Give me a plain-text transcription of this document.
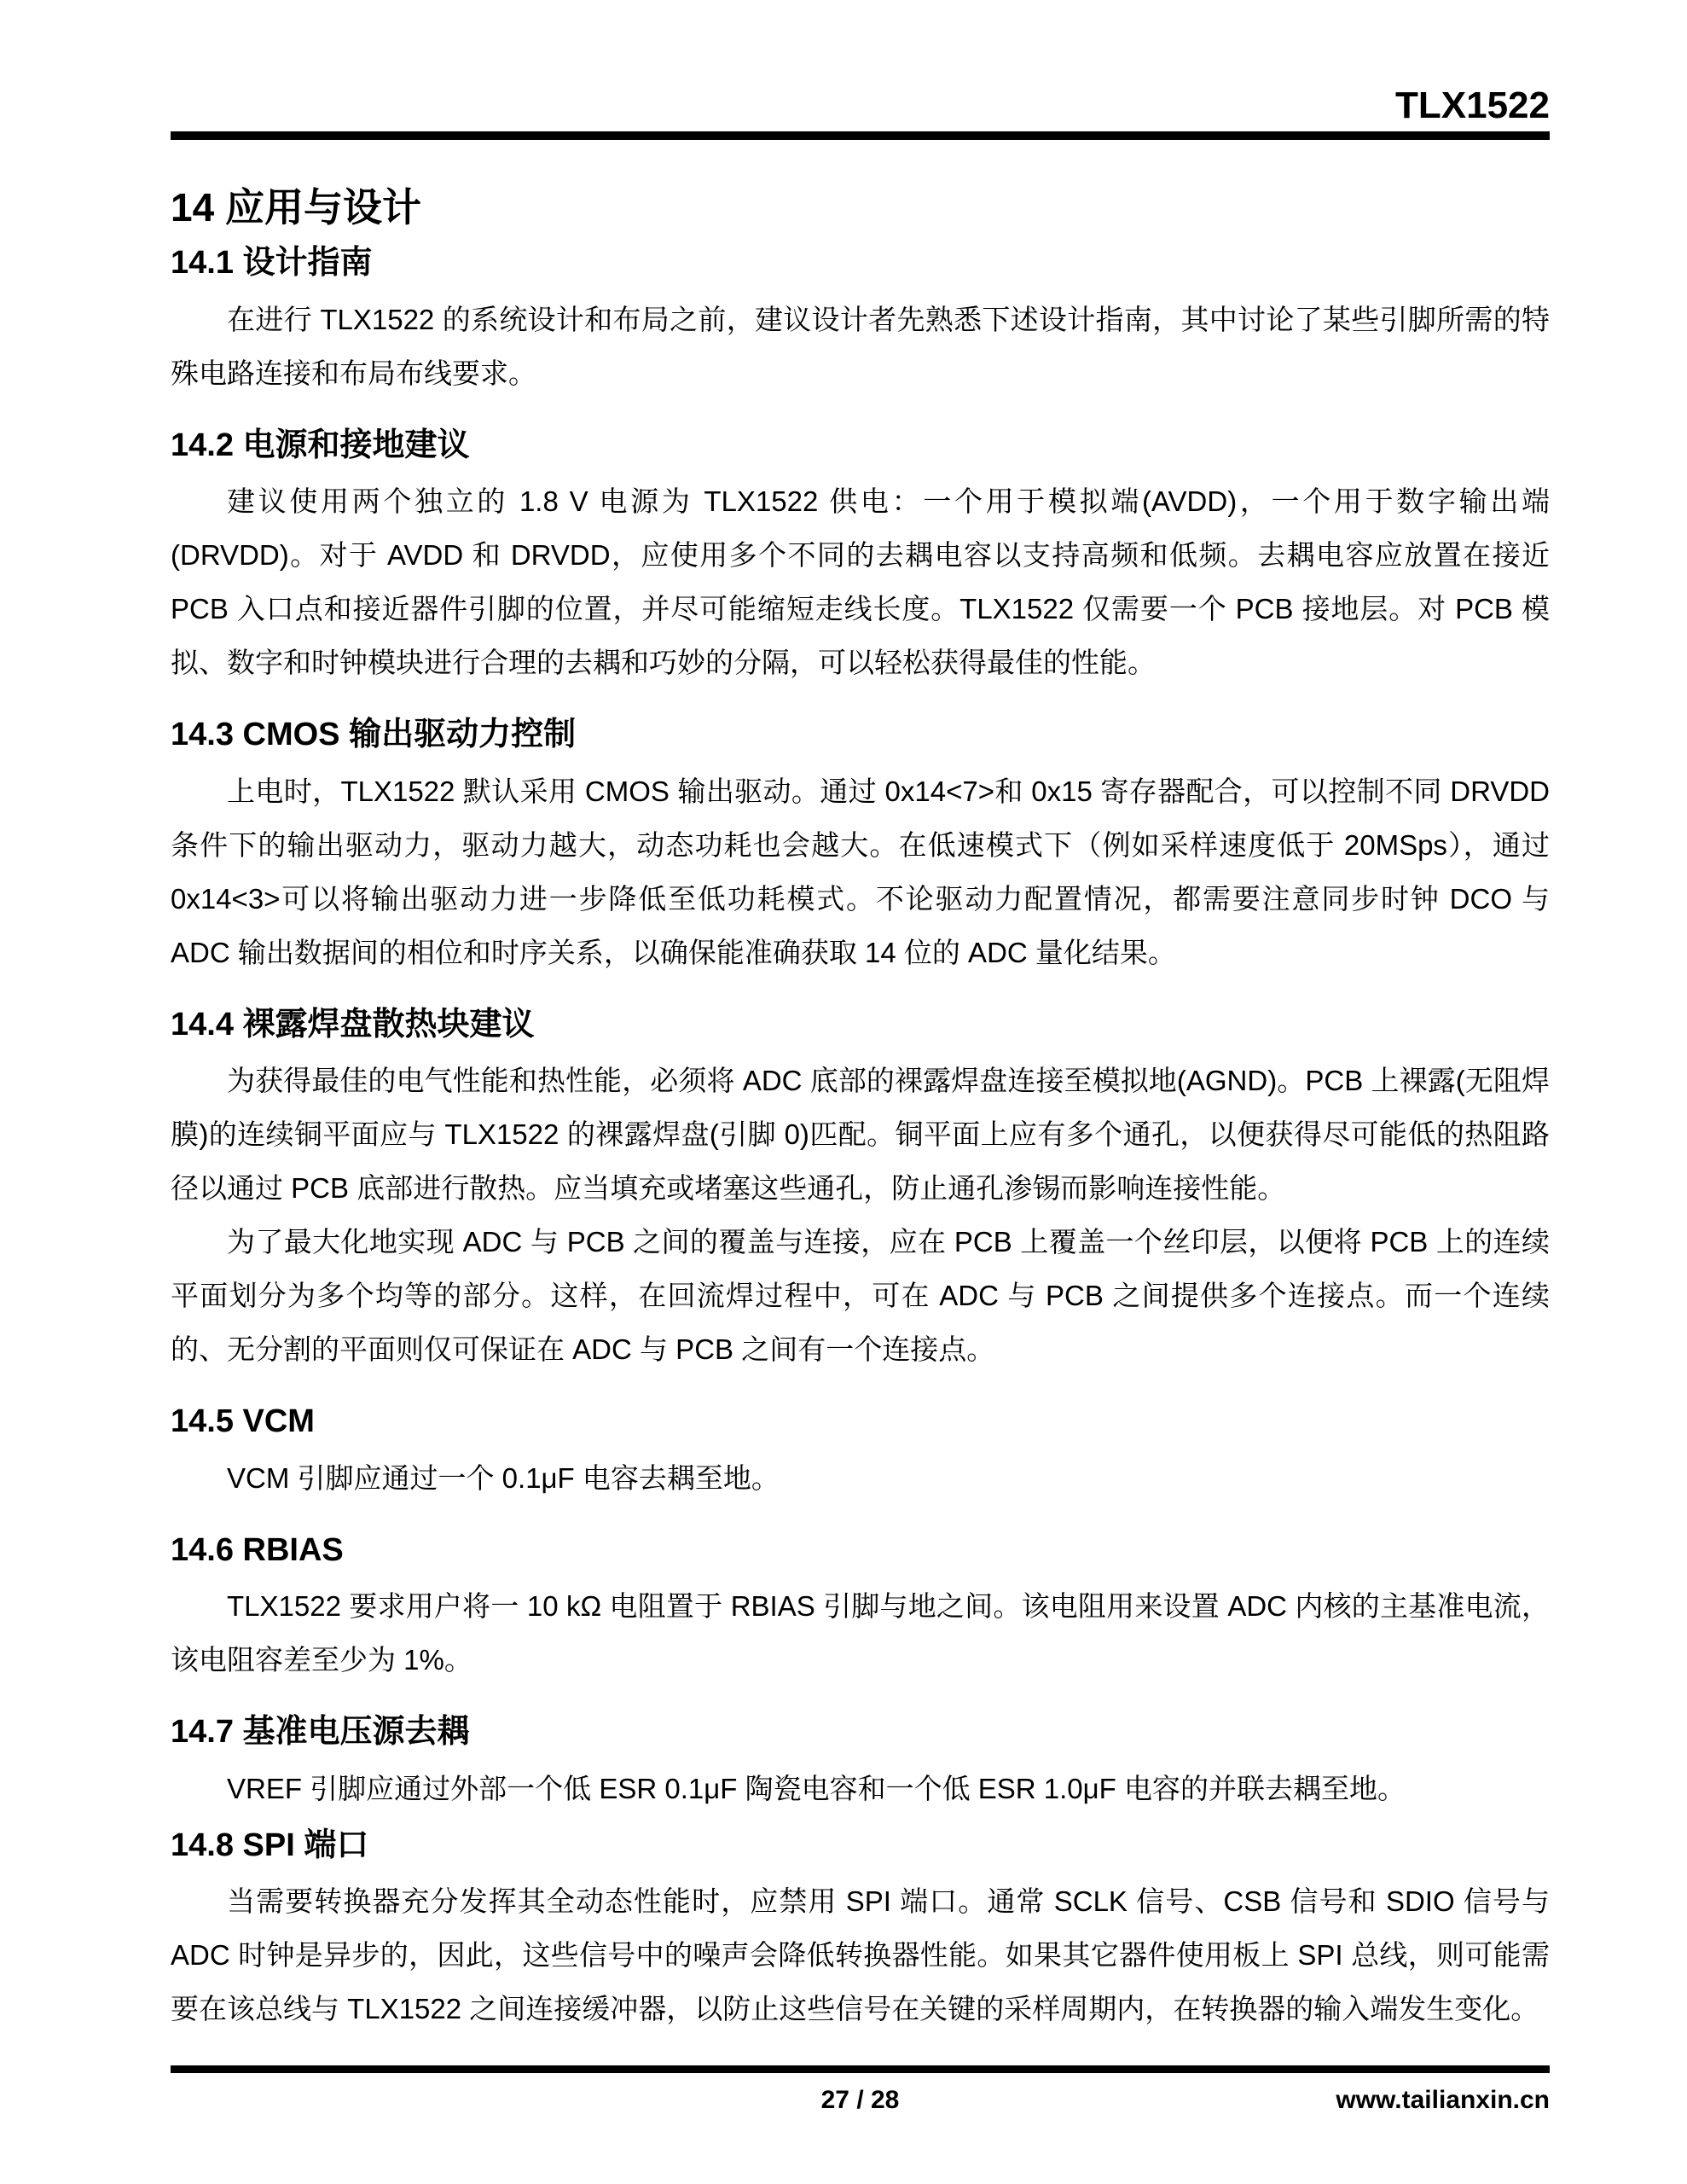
TLX1522
14 应用与设计
14.1 设计指南

在进行 TLX1522 的系统设计和布局之前，建议设计者先熟悉下述设计指南，其中讨论了某些引脚所需的特殊电路连接和布局布线要求。

14.2 电源和接地建议

建议使用两个独立的 1.8 V 电源为 TLX1522 供电：一个用于模拟端(AVDD)，一个用于数字输出端(DRVDD)。对于 AVDD 和 DRVDD，应使用多个不同的去耦电容以支持高频和低频。去耦电容应放置在接近 PCB 入口点和接近器件引脚的位置，并尽可能缩短走线长度。TLX1522 仅需要一个 PCB 接地层。对 PCB 模拟、数字和时钟模块进行合理的去耦和巧妙的分隔，可以轻松获得最佳的性能。

14.3 CMOS 输出驱动力控制

上电时，TLX1522 默认采用 CMOS 输出驱动。通过 0x14<7>和 0x15 寄存器配合，可以控制不同 DRVDD 条件下的输出驱动力，驱动力越大，动态功耗也会越大。在低速模式下（例如采样速度低于 20MSps），通过 0x14<3>可以将输出驱动力进一步降低至低功耗模式。不论驱动力配置情况，都需要注意同步时钟 DCO 与 ADC 输出数据间的相位和时序关系，以确保能准确获取 14 位的 ADC 量化结果。

14.4 裸露焊盘散热块建议

为获得最佳的电气性能和热性能，必须将 ADC 底部的裸露焊盘连接至模拟地(AGND)。PCB 上裸露(无阻焊膜)的连续铜平面应与 TLX1522 的裸露焊盘(引脚 0)匹配。铜平面上应有多个通孔，以便获得尽可能低的热阻路径以通过 PCB 底部进行散热。应当填充或堵塞这些通孔，防止通孔渗锡而影响连接性能。

为了最大化地实现 ADC 与 PCB 之间的覆盖与连接，应在 PCB 上覆盖一个丝印层，以便将 PCB 上的连续平面划分为多个均等的部分。这样，在回流焊过程中，可在 ADC 与 PCB 之间提供多个连接点。而一个连续的、无分割的平面则仅可保证在 ADC 与 PCB 之间有一个连接点。

14.5 VCM

VCM 引脚应通过一个 0.1μF 电容去耦至地。

14.6 RBIAS

TLX1522 要求用户将一 10 kΩ 电阻置于 RBIAS 引脚与地之间。该电阻用来设置 ADC 内核的主基准电流，该电阻容差至少为 1%。

14.7 基准电压源去耦

VREF 引脚应通过外部一个低 ESR 0.1μF 陶瓷电容和一个低 ESR 1.0μF 电容的并联去耦至地。

14.8 SPI 端口

当需要转换器充分发挥其全动态性能时，应禁用 SPI 端口。通常 SCLK 信号、CSB 信号和 SDIO 信号与 ADC 时钟是异步的，因此，这些信号中的噪声会降低转换器性能。如果其它器件使用板上 SPI 总线，则可能需要在该总线与 TLX1522 之间连接缓冲器，以防止这些信号在关键的采样周期内，在转换器的输入端发生变化。

27 / 28	www.tailianxin.cn
